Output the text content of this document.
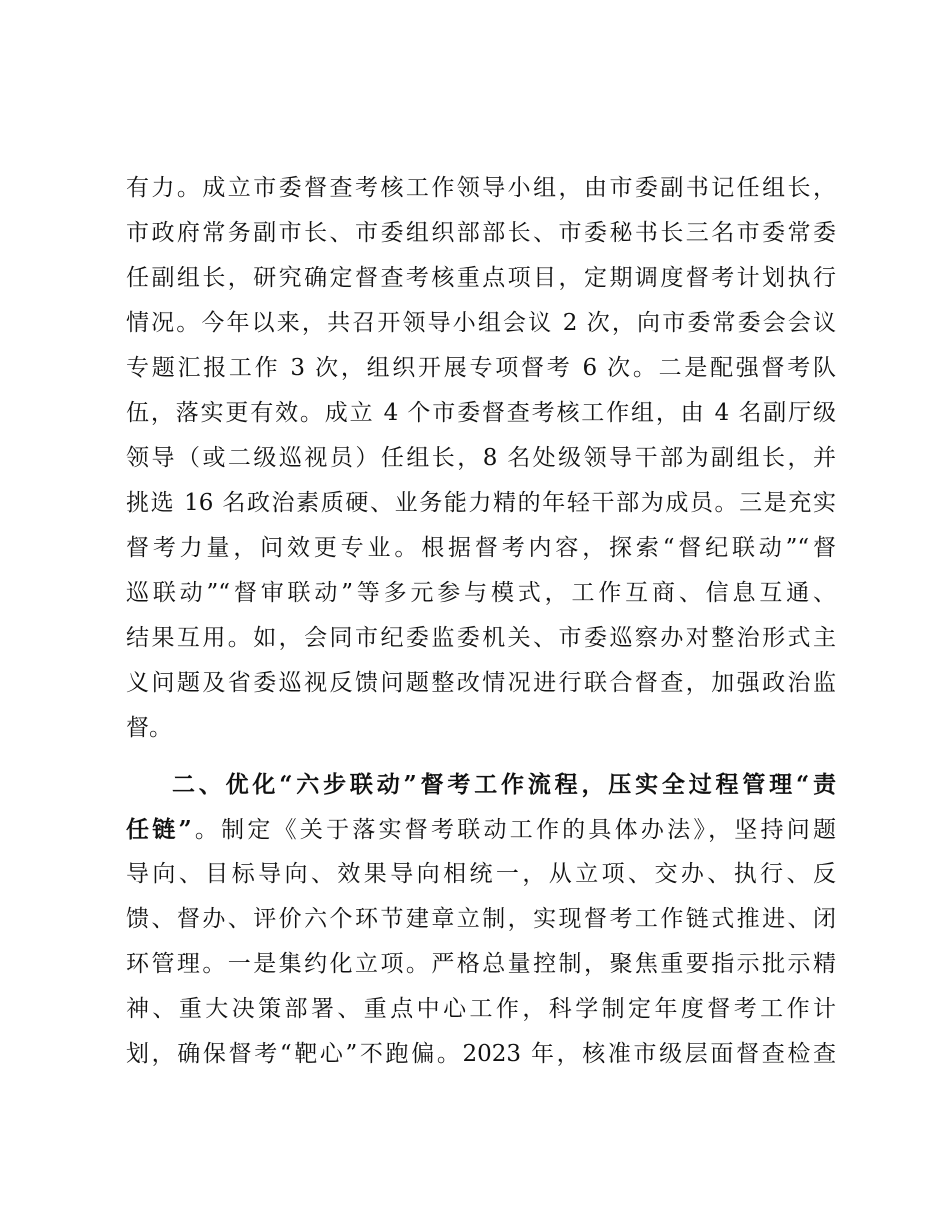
有力。成立市委督查考核工作领导小组，由市委副书记任组长，
市政府常务副市长、市委组织部部长、市委秘书长三名市委常委
任副组长，研究确定督查考核重点项目，定期调度督考计划执行
情况。今年以来，共召开领导小组会议 2 次，向市委常委会会议
专题汇报工作 3 次，组织开展专项督考 6 次。二是配强督考队
伍，落实更有效。成立 4 个市委督查考核工作组，由 4 名副厅级
领导（或二级巡视员）任组长，8 名处级领导干部为副组长，并
挑选 16 名政治素质硬、业务能力精的年轻干部为成员。三是充实
督考力量，问效更专业。根据督考内容，探索“督纪联动”“督
巡联动”“督审联动”等多元参与模式，工作互商、信息互通、
结果互用。如，会同市纪委监委机关、市委巡察办对整治形式主
义问题及省委巡视反馈问题整改情况进行联合督查，加强政治监
督。
二、优化“六步联动”督考工作流程，压实全过程管理“责
任链”。制定《关于落实督考联动工作的具体办法》，坚持问题
导向、目标导向、效果导向相统一，从立项、交办、执行、反
馈、督办、评价六个环节建章立制，实现督考工作链式推进、闭
环管理。一是集约化立项。严格总量控制，聚焦重要指示批示精
神、重大决策部署、重点中心工作，科学制定年度督考工作计
划，确保督考“靶心”不跑偏。2023 年，核准市级层面督查检查
